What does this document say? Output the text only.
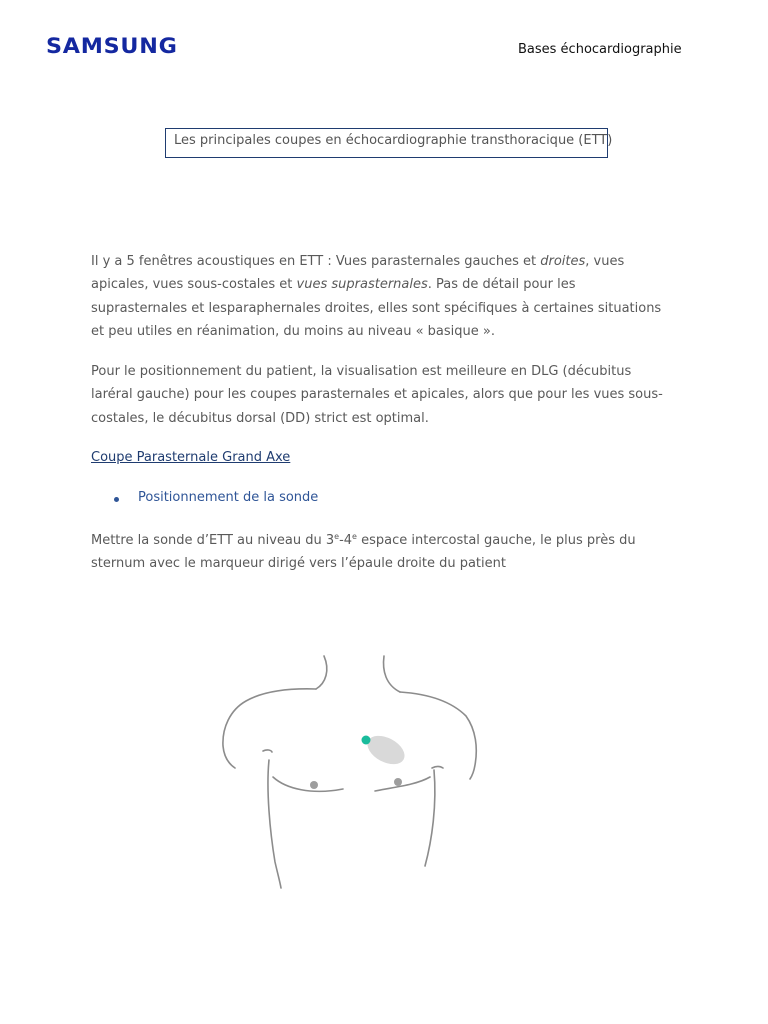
SAMSUNG	Bases échocardiographie
Les principales coupes en échocardiographie transthoracique (ETT)
Il y a 5 fenêtres acoustiques en ETT : Vues parasternales gauches et droites, vues apicales, vues sous-costales et vues suprasternales. Pas de détail pour les suprasternales et lesparaphernales droites, elles sont spécifiques à certaines situations et peu utiles en réanimation, du moins au niveau « basique ».
Pour le positionnement du patient, la visualisation est meilleure en DLG (décubitus laréral gauche) pour les coupes parasternales et apicales, alors que pour les vues sous-costales, le décubitus dorsal (DD) strict est optimal.
Coupe Parasternale Grand Axe
Positionnement de la sonde
Mettre la sonde d’ETT au niveau du 3e-4e espace intercostal gauche, le plus près du sternum avec le marqueur dirigé vers l’épaule droite du patient
